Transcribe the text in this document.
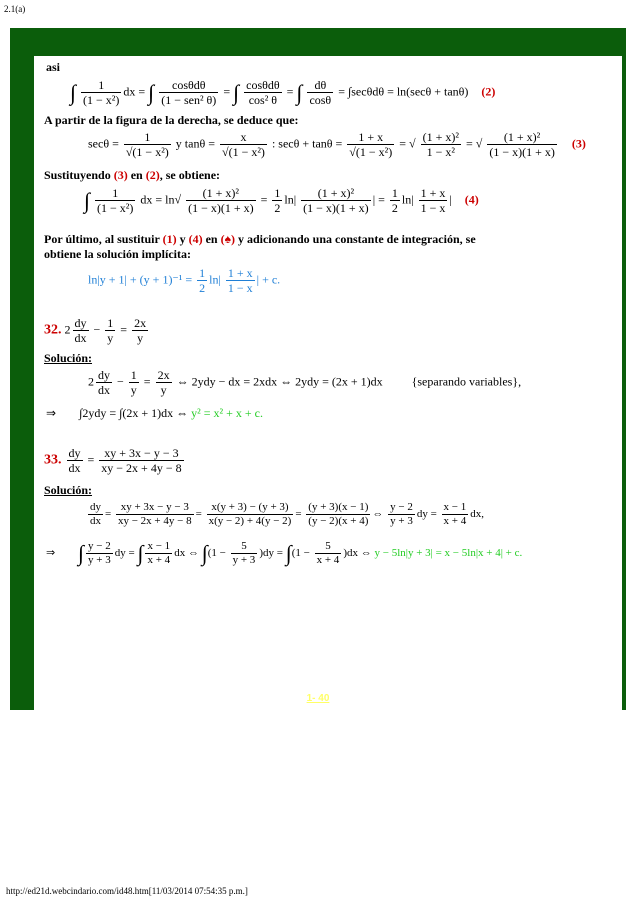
2.1(a)
asi
∫ $\frac{1}{\text{(1 − x²)}}$ dx = ∫ $\frac{\text{cosθdθ}}{\text{(1 − sen² θ)}}$ = ∫ $\frac{\text{cosθdθ}}{\text{cos² θ}}$ = ∫ $\frac{d\theta}{\cos\theta} = \int\sec\theta d\theta = \ln(\sec\theta + \tan\theta)$ (2)
A partir de la figura de la derecha, se deduce que:
$\sec\theta = \frac{1}{\text{√(1 − x²)}}$ y $\tan\theta = \frac{x}{\text{√(1 − x²)}}$ : $\sec\theta + \tan\theta = \frac{1 + x}{\text{√(1 − x²)}}$ = √ $\frac{\text{(1 + x)²}}{\text{1 − x²}}$ = √ $\frac{\text{(1 + x)²}}{(1 - x)(1 + x)} (3)$
Sustituyendo (3) en (2), se obtiene:
∫ $\frac{1}{\text{(1 − x²)}}$ dx = $\ln√ \frac{\text{(1 + x)²}}{(1 - x)(1 + x)} = \frac{1}{2} \ln| \frac{\text{(1 + x)²}}{(1 - x)(1 + x)}$ | = $\frac{1}{2} \ln| \frac{1 + x}{1 - x}$ | (4)
Por último, al sustituir (1) y (4) en (♠) y adicionando una constante de integración, se
obtiene la solución implícita:
$\ln|y + 1| + (y + 1)^{-1} = \frac{1}{2} \ln| \frac{1 + x}{1 - x}$ | + c.
32. $2 \frac{dy}{dx} - \frac{1}{y} = \frac{2x}{y}$
Solución:
$2 \frac{dy}{dx} - \frac{1}{y} = \frac{2x}{y}$ ⇔ 2ydy − dx = 2xdx ⇔ 2ydy = (2x + 1)dx {separando variables},
⇒ ∫2ydy = ∫(2x + 1)dx ⇔ y² = x² + x + c.
33. $\frac{dy}{dx} = \frac{xy + 3x - y - 3}{xy - 2x + 4y - 8}$
Solución:
$\frac{dy}{dx} = \frac{xy + 3x - y - 3}{xy - 2x + 4y - 8} = \frac{x(y + 3) - (y + 3)}{x(y - 2) + 4(y - 2)} = \frac{(y + 3)(x - 1)}{(y - 2)(x + 4)}$ ⇔ $\frac{y - 2}{y + 3}$ dy = $\frac{x - 1}{x + 4}$ dx,
⇒ ∫ $\frac{y - 2}{y + 3}$ dy = ∫ $\frac{x - 1}{x + 4}$ dx ⇔ $\int(1 - \frac{5}{y + 3} )dy = \int(1 - \frac{5}{x + 4} )dx$ ⇔ y − 5ln|y + 3| = x − 5ln|x + 4| + c.
| 1- 40 |
http://ed21d.webcindario.com/id48.htm[11/03/2014 07:54:35 p.m.]
